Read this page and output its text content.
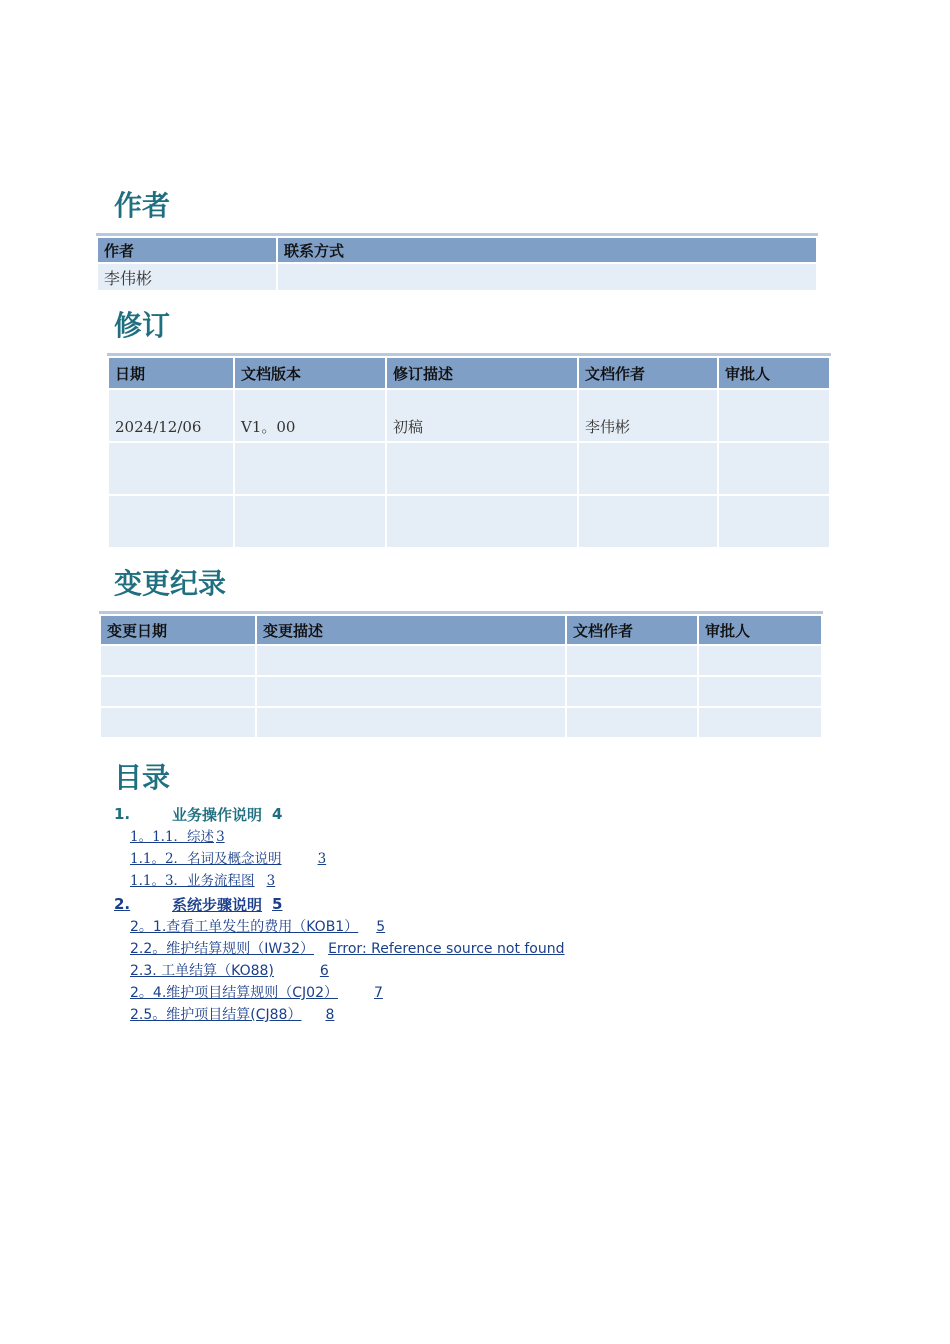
作者
作者	联系方式
李伟彬	
修订
日期	文档版本	修订描述	文档作者	审批人
2024/12/06	V1。00	初稿	李伟彬	

变更纪录
变更日期	变更描述	文档作者	审批人

目录
1.	业务操作说明 4
1。1.1．综述 3
1.1。2．名词及概念说明	3
1.1。3．业务流程图 3
2.	系统步骤说明 5
2。1.查看工单发生的费用（KOB1） 5
2.2。维护结算规则（IW32） Error: Reference source not found
2.3. 工单结算（KO88)	6
2。4.维护项目结算规则（CJ02）	7
2.5。维护项目结算(CJ88） 8
